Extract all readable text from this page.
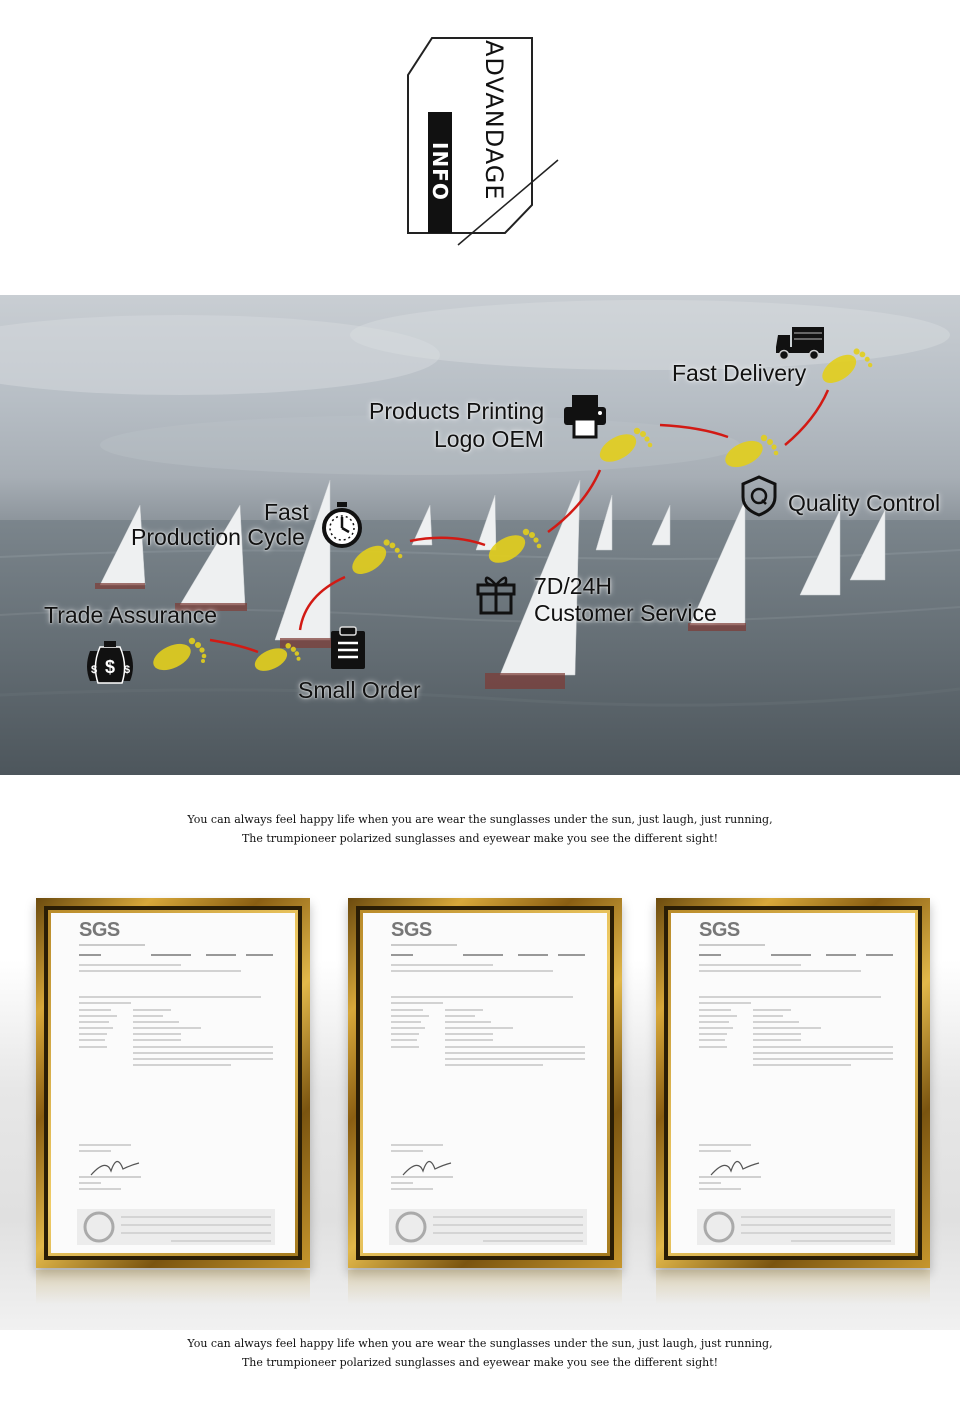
ADVANDAGE
INFO
Fast Delivery
Products Printing
Logo OEM
Fast
Production Cycle
Quality Control
$
$ $
Trade Assurance
7D/24H
Customer Service
Small Order
You can always feel happy life when you are wear the sunglasses under the sun, just laugh, just running,
The trumpioneer polarized sunglasses and eyewear make you see the different sight!
SGS	SGS	SGS
You can always feel happy life when you are wear the sunglasses under the sun, just laugh, just running,
The trumpioneer polarized sunglasses and eyewear make you see the different sight!
